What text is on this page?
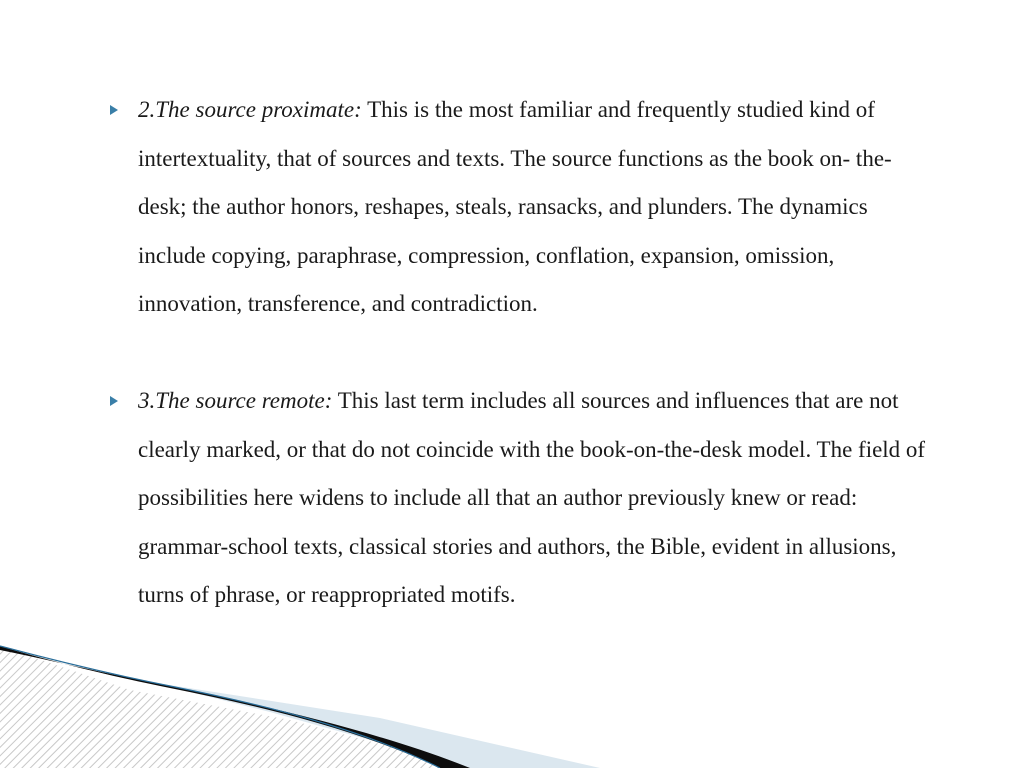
2.The source proximate: This is the most familiar and frequently studied kind of intertextuality, that of sources and texts. The source functions as the book on- the-desk; the author honors, reshapes, steals, ransacks, and plunders. The dynamics include copying, paraphrase, compression, conflation, expansion, omission, innovation, transference, and contradiction.
3.The source remote: This last term includes all sources and influences that are not clearly marked, or that do not coincide with the book-on-the-desk model. The field of possibilities here widens to include all that an author previously knew or read: grammar-school texts, classical stories and authors, the Bible, evident in allusions, turns of phrase, or reappropriated motifs.
